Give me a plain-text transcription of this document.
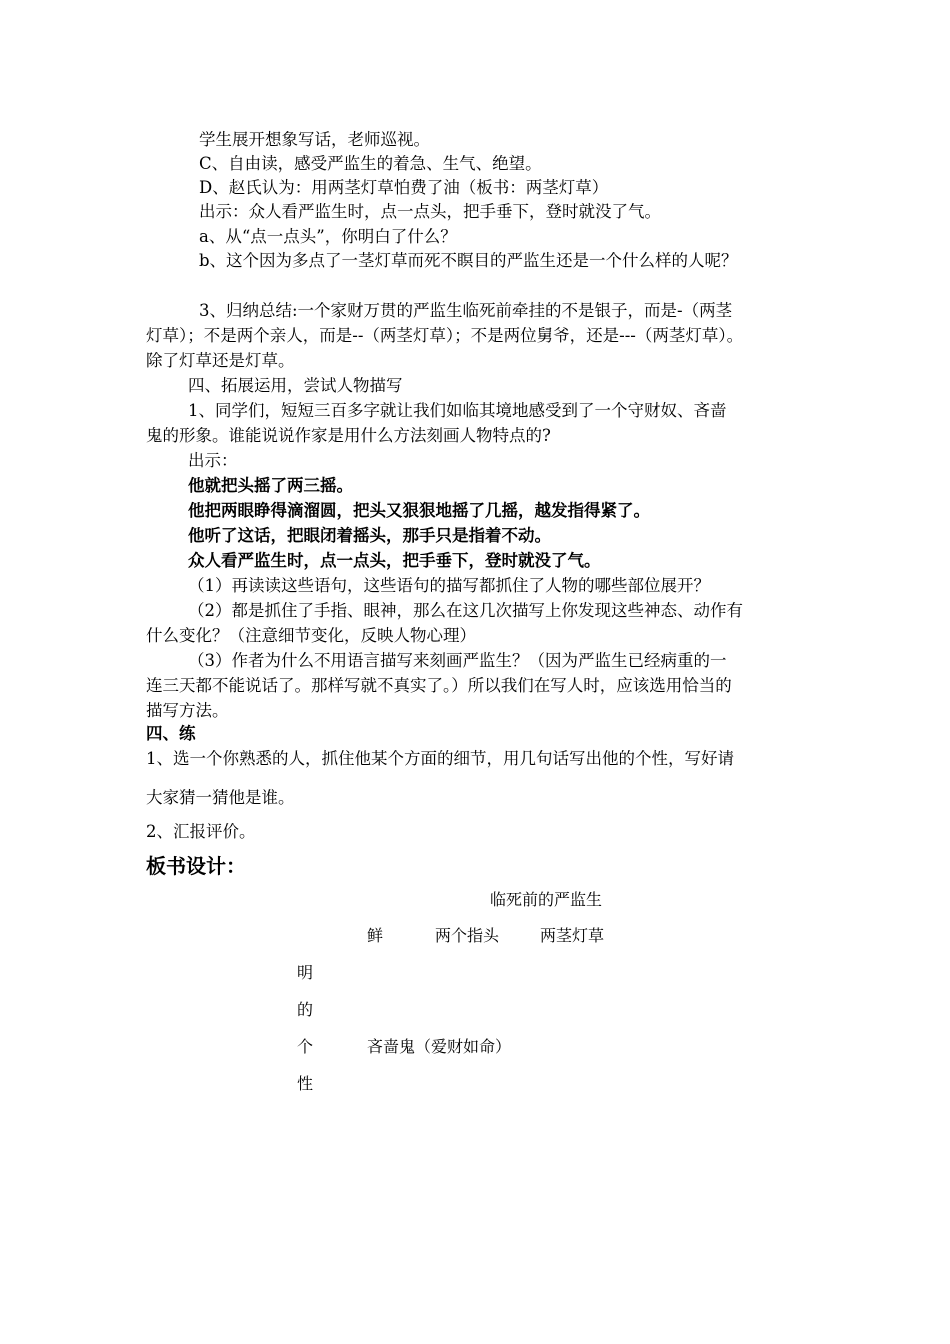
学生展开想象写话，老师巡视。
C、自由读，感受严监生的着急、生气、绝望。
D、赵氏认为：用两茎灯草怕费了油（板书：两茎灯草）
出示：众人看严监生时，点一点头，把手垂下，登时就没了气。
a、从“点一点头”，你明白了什么？
b、这个因为多点了一茎灯草而死不瞑目的严监生还是一个什么样的人呢？
3、归纳总结:一个家财万贯的严监生临死前牵挂的不是银子，而是-（两茎
灯草）；不是两个亲人，而是--（两茎灯草）；不是两位舅爷，还是---（两茎灯草）。
除了灯草还是灯草。
四、拓展运用，尝试人物描写
1、同学们，短短三百多字就让我们如临其境地感受到了一个守财奴、吝啬
鬼的形象。谁能说说作家是用什么方法刻画人物特点的?
出示：
他就把头摇了两三摇。
他把两眼睁得滴溜圆，把头又狠狠地摇了几摇，越发指得紧了。
他听了这话，把眼闭着摇头，那手只是指着不动。
众人看严监生时，点一点头，把手垂下，登时就没了气。
（1）再读读这些语句，这些语句的描写都抓住了人物的哪些部位展开？
（2）都是抓住了手指、眼神，那么在这几次描写上你发现这些神态、动作有
什么变化？（注意细节变化，反映人物心理）
（3）作者为什么不用语言描写来刻画严监生？（因为严监生已经病重的一
连三天都不能说话了。那样写就不真实了。）所以我们在写人时，应该选用恰当的
描写方法。
四、练
1、选一个你熟悉的人，抓住他某个方面的细节，用几句话写出他的个性，写好请
大家猜一猜他是谁。
2、汇报评价。
板书设计：
临死前的严监生
鲜	两个指头	两茎灯草
明
的
个
性
吝啬鬼（爱财如命）
